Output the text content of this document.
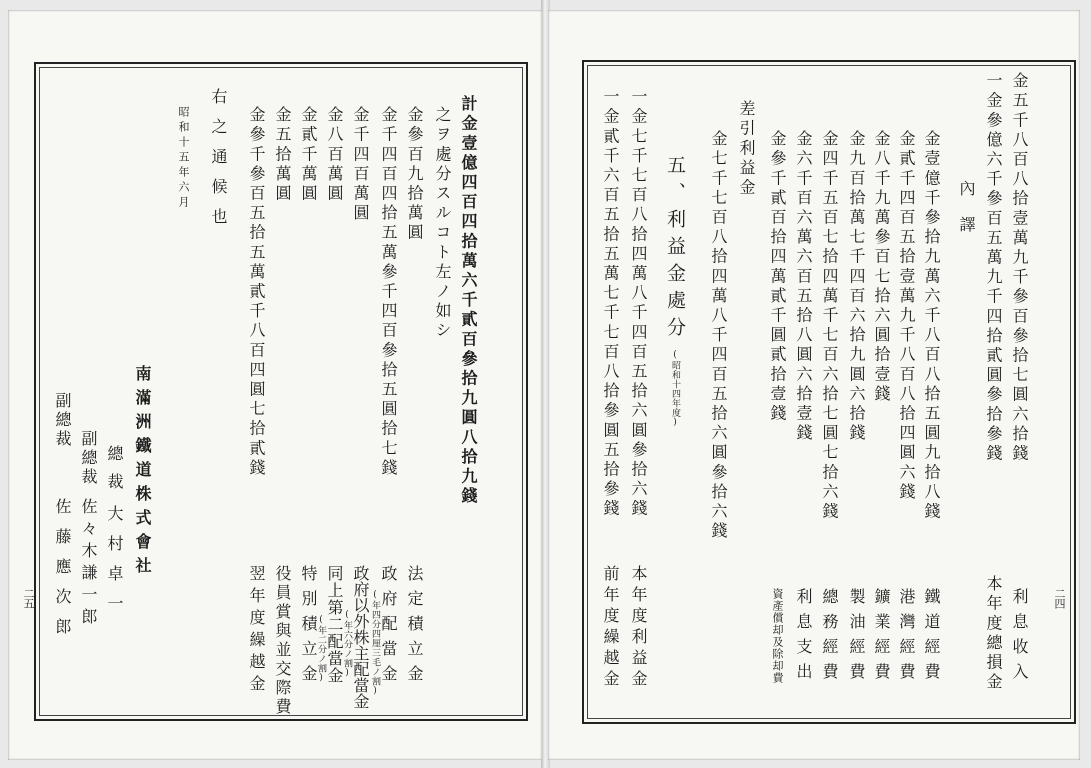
二四
金五千八百八拾壹萬九千參百參拾七圓六拾錢
利息收入
一金參億六千參百五萬九千四拾貳圓參拾參錢
本年度總損金
內譯
金壹億千參拾九萬六千八百八拾五圓九拾八錢
鐵道經費
金貳千四百五拾壹萬九千八百八拾四圓六錢
港灣經費
金八千九萬參百七拾六圓拾壹錢
鑛業經費
金九百拾萬七千四百六拾九圓六拾錢
製油經費
金四千五百七拾四萬千七百六拾七圓七拾六錢
總務經費
金六千百六萬六百五拾八圓六拾壹錢
利息支出
金參千貳百拾四萬貳千圓貳拾壹錢
資產償却及除却費
差引利益金
金七千七百八拾四萬八千四百五拾六圓參拾六錢
五、利益金處分
(昭和十四年度)
一金七千七百八拾四萬八千四百五拾六圓參拾六錢
本年度利益金
一金貳千六百五拾五萬七千七百八拾參圓五拾參錢
前年度繰越金
二五
計金壹億四百四拾萬六千貳百參拾九圓八拾九錢
之ヲ處分スルコト左ノ如シ
金參百九拾萬圓
法定積立金
金千四百四拾五萬參千四百參拾五圓拾七錢
政府配當金
(年四分四厘三毛ノ割)
金千四百萬圓
政府以外株主配當金
(年六分ノ割)
金八百萬圓
同上第二配當金
(年二分ノ割)
金貳千萬圓
特別積立金
金五拾萬圓
役員賞與並交際費
金參千參百五拾五萬貳千八百四圓七拾貳錢
翌年度繰越金
右之通候也
昭和十五年六月
南滿洲鐵道株式會社
總裁
大村卓一
副總裁
佐々木謙一郎
副總裁
佐藤應次郎
